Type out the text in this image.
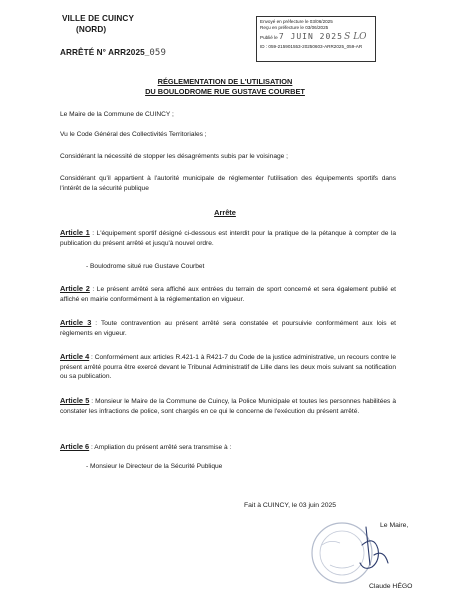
VILLE DE CUINCY
(NORD)
ARRÊTÉ N° ARR2025_059
Envoyé en préfecture le 03/06/2025
Reçu en préfecture le 03/06/2025
Publié le 7 JUIN 2025 S LO
ID : 059-215901553-20250603-ARR2025_059-AR
RÉGLEMENTATION DE L'UTILISATION
DU BOULODROME RUE GUSTAVE COURBET
Le Maire de la Commune de CUINCY ;
Vu le Code Général des Collectivités Territoriales ;
Considérant la nécessité de stopper les désagréments subis par le voisinage ;
Considérant qu'il appartient à l'autorité municipale de réglementer l'utilisation des équipements sportifs dans l'intérêt de la sécurité publique
Arrête
Article 1 : L'équipement sportif désigné ci-dessous est interdit pour la pratique de la pétanque à compter de la publication du présent arrêté et jusqu'à nouvel ordre.
- Boulodrome situé rue Gustave Courbet
Article 2 : Le présent arrêté sera affiché aux entrées du terrain de sport concerné et sera également publié et affiché en mairie conformément à la réglementation en vigueur.
Article 3 : Toute contravention au présent arrêté sera constatée et poursuivie conformément aux lois et règlements en vigueur.
Article 4 : Conformément aux articles R.421-1 à R421-7 du Code de la justice administrative, un recours contre le présent arrêté pourra être exercé devant le Tribunal Administratif de Lille dans les deux mois suivant sa notification ou sa publication.
Article 5 : Monsieur le Maire de la Commune de Cuincy, la Police Municipale et toutes les personnes habilitées à constater les infractions de police, sont chargés en ce qui le concerne de l'exécution du présent arrêté.
Article 6 : Ampliation du présent arrêté sera transmise à :
- Monsieur le Directeur de la Sécurité Publique
Fait à CUINCY, le 03 juin 2025
Le Maire,
Claude HÉGO
